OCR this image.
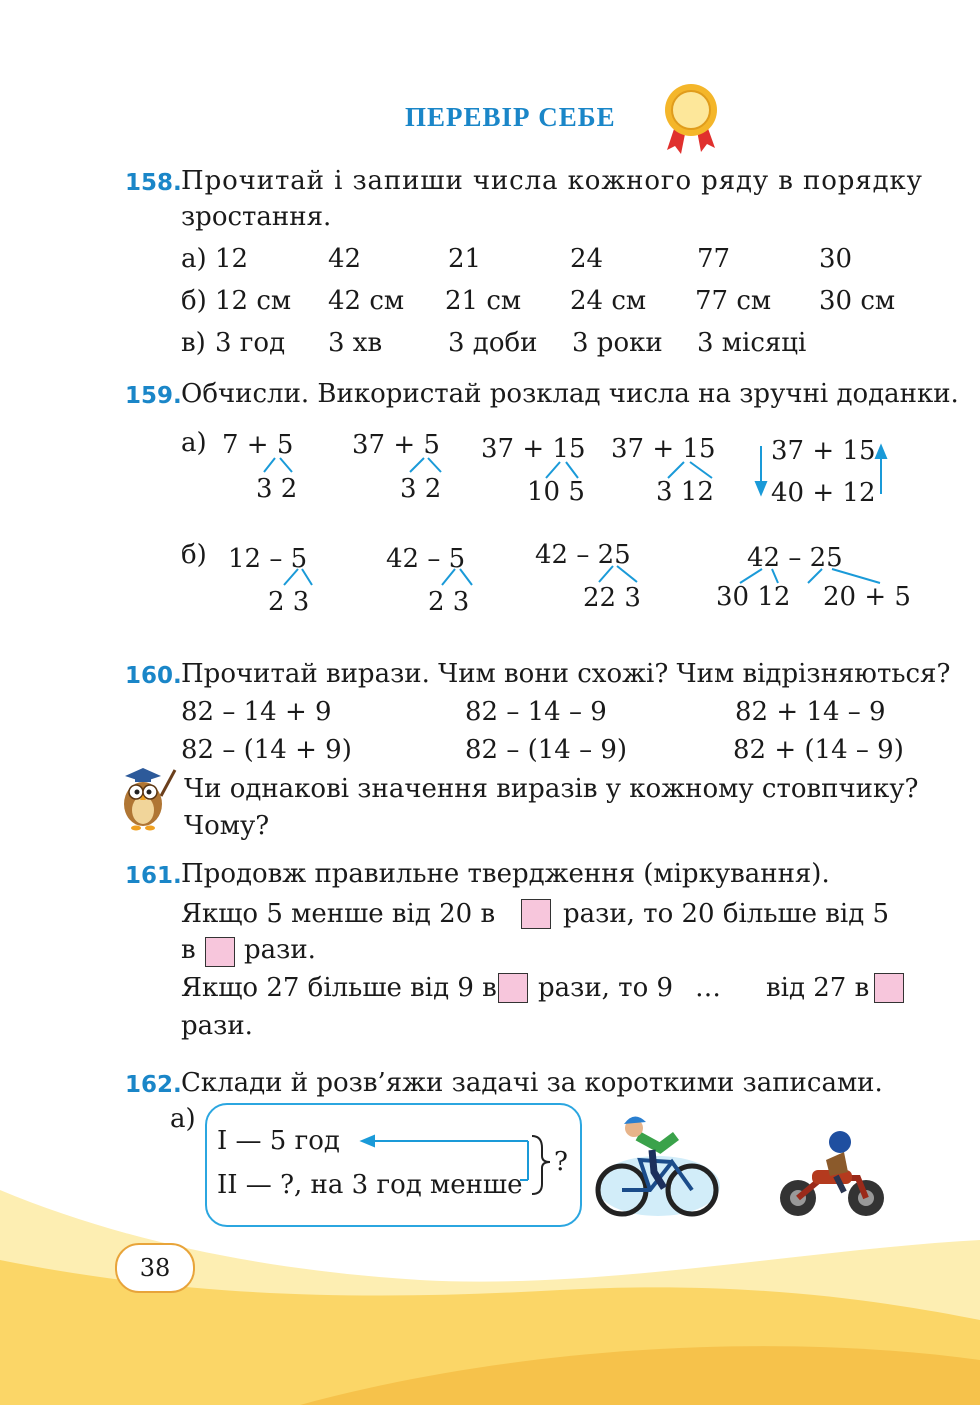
ПЕРЕВІР СЕБЕ
158. Прочитай і запиши числа кожного ряду в порядку
зростання.
а) 12	42	21	24	77	30
б) 12 см 42 см 21 см 24 см 77 см 30 см
в) 3 год 3 хв	3 доби 3 роки 3 місяці
159. Обчисли. Використай розклад числа на зручні доданки.
а) 7 + 5
3 2
37 + 5
3 2
37 + 15
10 5
37 + 15
3 12
37 + 15
40 + 12
б) 12 – 5
2 3
42 – 5
2 3
42 – 25
22 3
42 – 25
30 12 20 + 5
160. Прочитай вирази. Чим вони схожі? Чим відрізняються?
82 – 14 + 9	82 – 14 – 9	82 + 14 – 9
82 – (14 + 9)	82 – (14 – 9)	82 + (14 – 9)
Чи однакові значення виразів у кожному стовпчику?
Чому?
161. Продовж правильне твердження (міркування).
Якщо 5 менше від 20 в	рази, то 20 більше від 5
в рази.
Якщо 27 більше від 9 в рази, то 9 … від 27 в
рази.
162. Склади й розв’яжи задачі за короткими записами.
а)
І — 5 год
ІІ — ?, на 3 год менше
?
38
